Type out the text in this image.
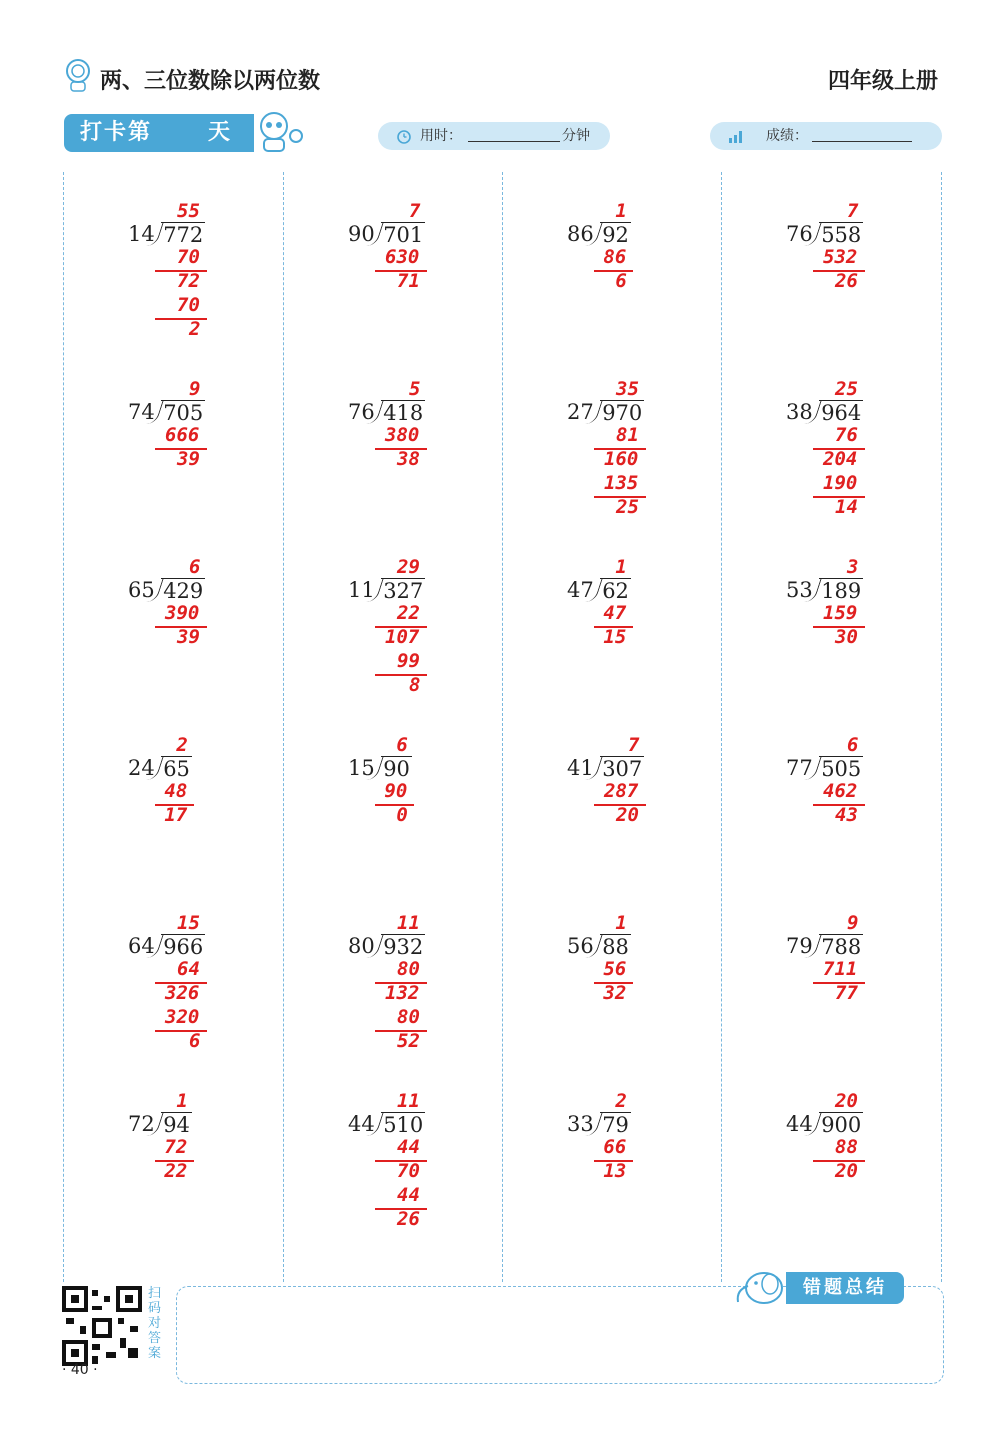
两、三位数除以两位数	四年级上册
打卡第	天	用时：	分钟	成绩：
14 772
55
70
72
70
2
90 701
7
630
71
86 92
1
86
6
76 558
7
532
26
74 705
9
666
39
76 418
5
380
38
27 970
35
81
160
135
25
38 964
25
76
204
190
14
65 429
6
390
39
11 327
29
22
107
99
8
47 62
1
47
15
53 189
3
159
30
24 65
2
48
17
15 90
6
90
0
41 307
7
287
20
77 505
6
462
43
64 966
15
64
326
320
6
80 932
11
80
132
80
52
56 88
1
56
32
79 788
9
711
77
72 94
1
72
22
44 510
11
44
70
44
26
33 79
2
66
13
44 900
20
88
20
扫码对答案
· 40 ·
错题总结
